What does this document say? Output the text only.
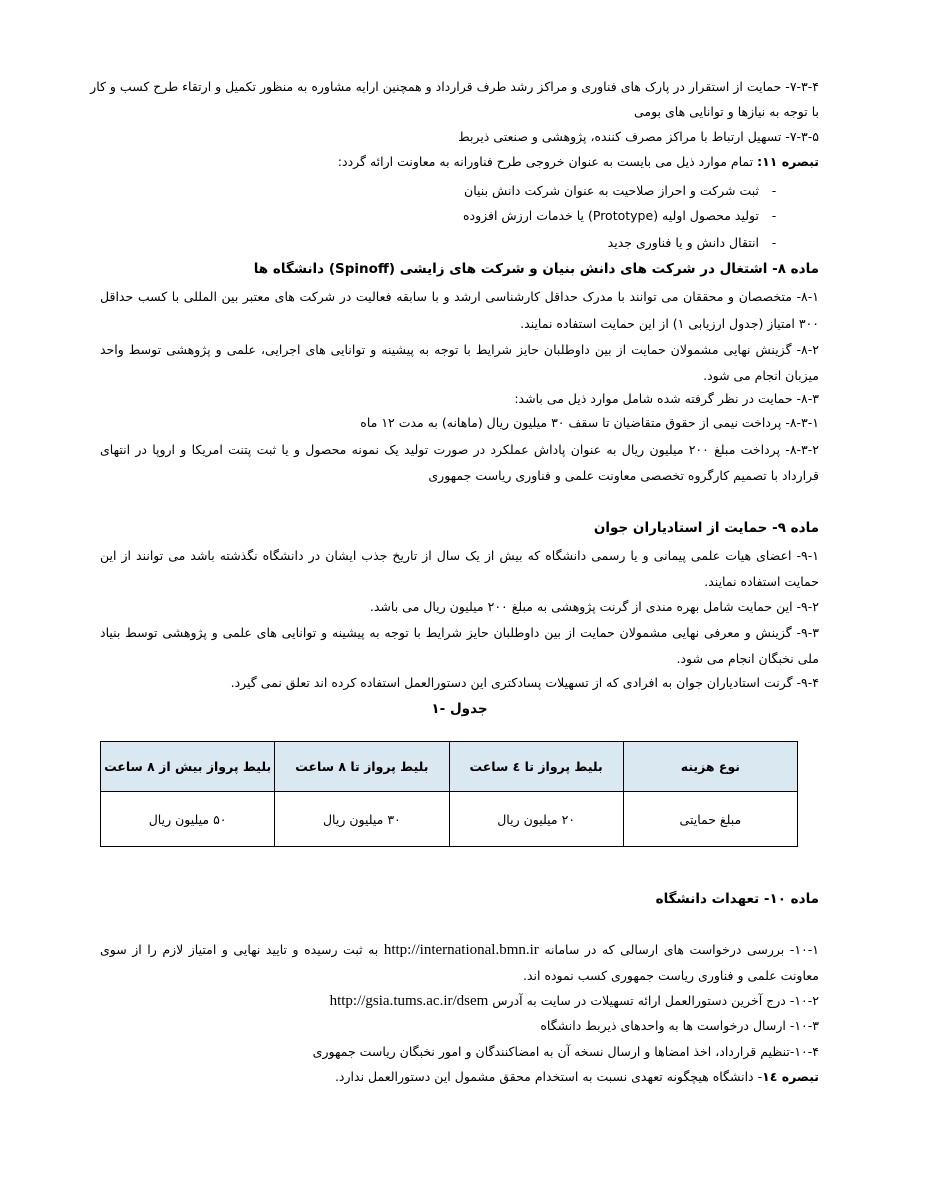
۷-۳-۴- حمایت از استقرار در پارک های فناوری و مراکز رشد طرف قرارداد و همچنین ارایه مشاوره به منظور تکمیل و ارتقاء طرح کسب و کار
با توجه به نیازها و توانایی های بومی
۷-۳-۵- تسهیل ارتباط با مراکز مصرف کننده، پژوهشی و صنعتی ذیربط
تبصره ۱۱: تمام موارد ذیل می بایست به عنوان خروجی طرح فناورانه به معاونت ارائه گردد:
-ثبت شرکت و احراز صلاحیت به عنوان شرکت دانش بنیان
-تولید محصول اولیه (Prototype) یا خدمات ارزش افزوده
-انتقال دانش و یا فناوری جدید
ماده ۸- اشتغال در شرکت های دانش بنیان و شرکت های زایشی (Spinoff) دانشگاه ها
۸-۱- متخصصان و محققان می توانند با مدرک حداقل کارشناسی ارشد و با سابقه فعالیت در شرکت های معتبر بین المللی با کسب حداقل
۳۰۰ امتیاز (جدول ارزیابی ۱) از این حمایت استفاده نمایند.
۸-۲- گزینش نهایی مشمولان حمایت از بین داوطلبان حایز شرایط با توجه به پیشینه و توانایی های اجرایی، علمی و پژوهشی توسط واحد
میزبان انجام می شود.
۸-۳- حمایت در نظر گرفته شده شامل موارد ذیل می باشد:
۸-۳-۱- پرداخت نیمی از حقوق متقاضیان تا سقف ۳۰ میلیون ریال (ماهانه) به مدت ۱۲ ماه
۸-۳-۲- پرداخت مبلغ ۲۰۰ میلیون ریال به عنوان پاداش عملکرد در صورت تولید یک نمونه محصول و یا ثبت پتنت امریکا و اروپا در انتهای
قرارداد با تصمیم کارگروه تخصصی معاونت علمی و فناوری ریاست جمهوری
ماده ۹- حمایت از استادیاران جوان
۹-۱- اعضای هیات علمی پیمانی و یا رسمی دانشگاه که بیش از یک سال از تاریخ جذب ایشان در دانشگاه نگذشته باشد می توانند از این
حمایت استفاده نمایند.
۹-۲- این حمایت شامل بهره مندی از گرنت پژوهشی به مبلغ ۲۰۰ میلیون ریال می باشد.
۹-۳- گزینش و معرفی نهایی مشمولان حمایت از بین داوطلبان حایز شرایط با توجه به پیشینه و توانایی های علمی و پژوهشی توسط بنیاد
ملی نخبگان انجام می شود.
۹-۴- گرنت استادیاران جوان به افرادی که از تسهیلات پسادکتری این دستورالعمل استفاده کرده اند تعلق نمی گیرد.
جدول -۱
نوع هزینه	بلیط پرواز تا ٤ ساعت	بلیط پرواز تا ۸ ساعت	بلیط پرواز بیش از ۸ ساعت
مبلغ حمایتی	۲۰ میلیون ریال	۳۰ میلیون ریال	۵۰ میلیون ریال
ماده ۱۰- تعهدات دانشگاه
۱۰-۱- بررسی درخواست های ارسالی که در سامانه http://international.bmn.ir به ثبت رسیده و تایید نهایی و امتیاز لازم را از سوی
معاونت علمی و فناوری ریاست جمهوری کسب نموده اند.
۱۰-۲- درج آخرین دستورالعمل ارائه تسهیلات در سایت به آدرس http://gsia.tums.ac.ir/dsem
۱۰-۳- ارسال درخواست ها به واحدهای ذیربط دانشگاه
۱۰-۴-تنظیم قرارداد، اخذ امضاها و ارسال نسخه آن به امضاکنندگان و امور نخبگان ریاست جمهوری
تبصره ١٤- دانشگاه هیچگونه تعهدی نسبت به استخدام محقق مشمول این دستورالعمل ندارد.
